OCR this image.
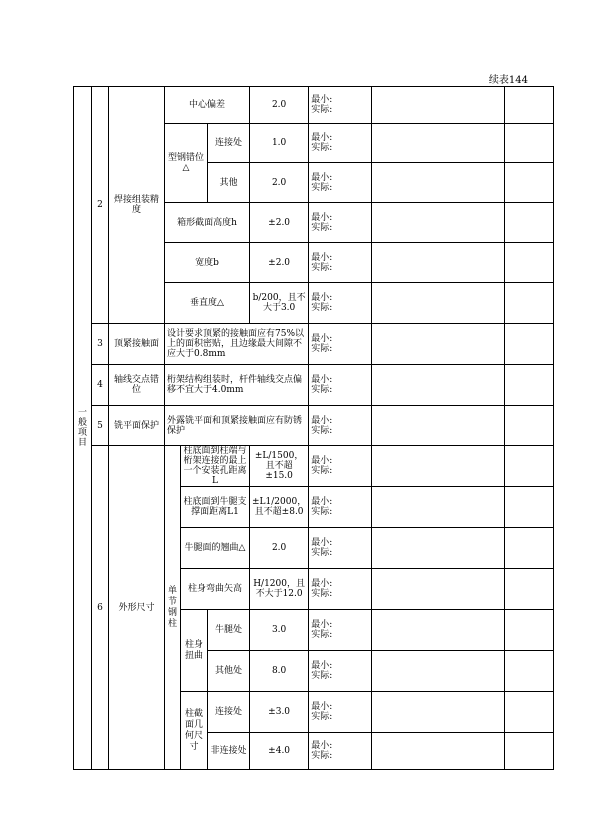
续表144
一般项目	2	焊接组装精度	中心偏差			2.0	最小:
实际:		

			型钢错位△		连接处	1.0	最小:
实际:		

					其他	2.0	最小:
实际:		

			箱形截面高度h			±2.0	最小:
实际:		

			宽度b			±2.0	最小:
实际:		

			垂直度△			b/200，且不大于3.0	最小:
实际:		

	3	顶紧接触面	设计要求顶紧的接触面应有75%以上的面积密贴，且边缘最大间隙不应大于0.8mm				最小:
实际:		

	4	轴线交点错位	桁架结构组装时，杆件轴线交点偏移不宜大于4.0mm				最小:
实际:		

	5	铣平面保护	外露铣平面和顶紧接触面应有防锈保护				最小:
实际:		

	6	外形尺寸	单节钢柱	柱底面到柱端与桁架连接的最上一个安装孔距离L		±L/1500，且不超±15.0	最小:
实际:		

				柱底面到牛腿支撑面距离L1		±L1/2000，且不超±8.0	最小:
实际:		

				牛腿面的翘曲△		2.0	最小:
实际:		

				柱身弯曲矢高		H/1200，且不大于12.0	最小:
实际:		

				柱身扭曲	牛腿处	3.0	最小:
实际:		

					其他处	8.0	最小:
实际:		

				柱截面几何尺寸	连接处	±3.0	最小:
实际:		

					非连接处	±4.0	最小:
实际:		
